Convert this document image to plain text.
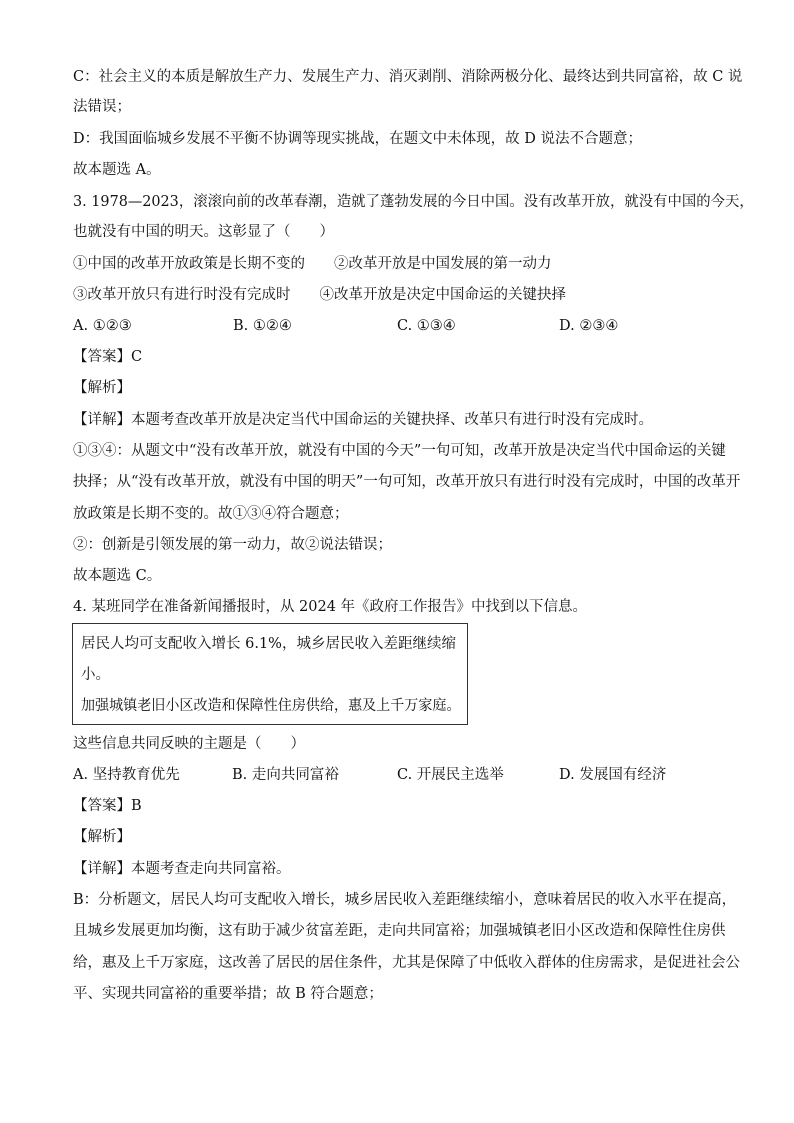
C：社会主义的本质是解放生产力、发展生产力、消灭剥削、消除两极分化、最终达到共同富裕，故 C 说
法错误；
D：我国面临城乡发展不平衡不协调等现实挑战，在题文中未体现，故 D 说法不合题意；
故本题选 A。
3. 1978—2023，滚滚向前的改革春潮，造就了蓬勃发展的今日中国。没有改革开放，就没有中国的今天，
也就没有中国的明天。这彰显了（　　）
①中国的改革开放政策是长期不变的　　②改革开放是中国发展的第一动力
③改革开放只有进行时没有完成时　　④改革开放是决定中国命运的关键抉择
A. ①②③	B. ①②④	C. ①③④	D. ②③④
【答案】C
【解析】
【详解】本题考查改革开放是决定当代中国命运的关键抉择、改革只有进行时没有完成时。
①③④：从题文中“没有改革开放，就没有中国的今天”一句可知，改革开放是决定当代中国命运的关键
抉择；从“没有改革开放，就没有中国的明天”一句可知，改革开放只有进行时没有完成时，中国的改革开
放政策是长期不变的。故①③④符合题意；
②：创新是引领发展的第一动力，故②说法错误；
故本题选 C。
4. 某班同学在准备新闻播报时，从 2024 年《政府工作报告》中找到以下信息。
居民人均可支配收入增长 6.1%，城乡居民收入差距继续缩
小。
加强城镇老旧小区改造和保障性住房供给，惠及上千万家庭。
这些信息共同反映的主题是（　　）
A. 坚持教育优先	B. 走向共同富裕	C. 开展民主选举	D. 发展国有经济
【答案】B
【解析】
【详解】本题考查走向共同富裕。
B：分析题文，居民人均可支配收入增长，城乡居民收入差距继续缩小，意味着居民的收入水平在提高，
且城乡发展更加均衡，这有助于减少贫富差距，走向共同富裕；加强城镇老旧小区改造和保障性住房供
给，惠及上千万家庭，这改善了居民的居住条件，尤其是保障了中低收入群体的住房需求，是促进社会公
平、实现共同富裕的重要举措；故 B 符合题意；
